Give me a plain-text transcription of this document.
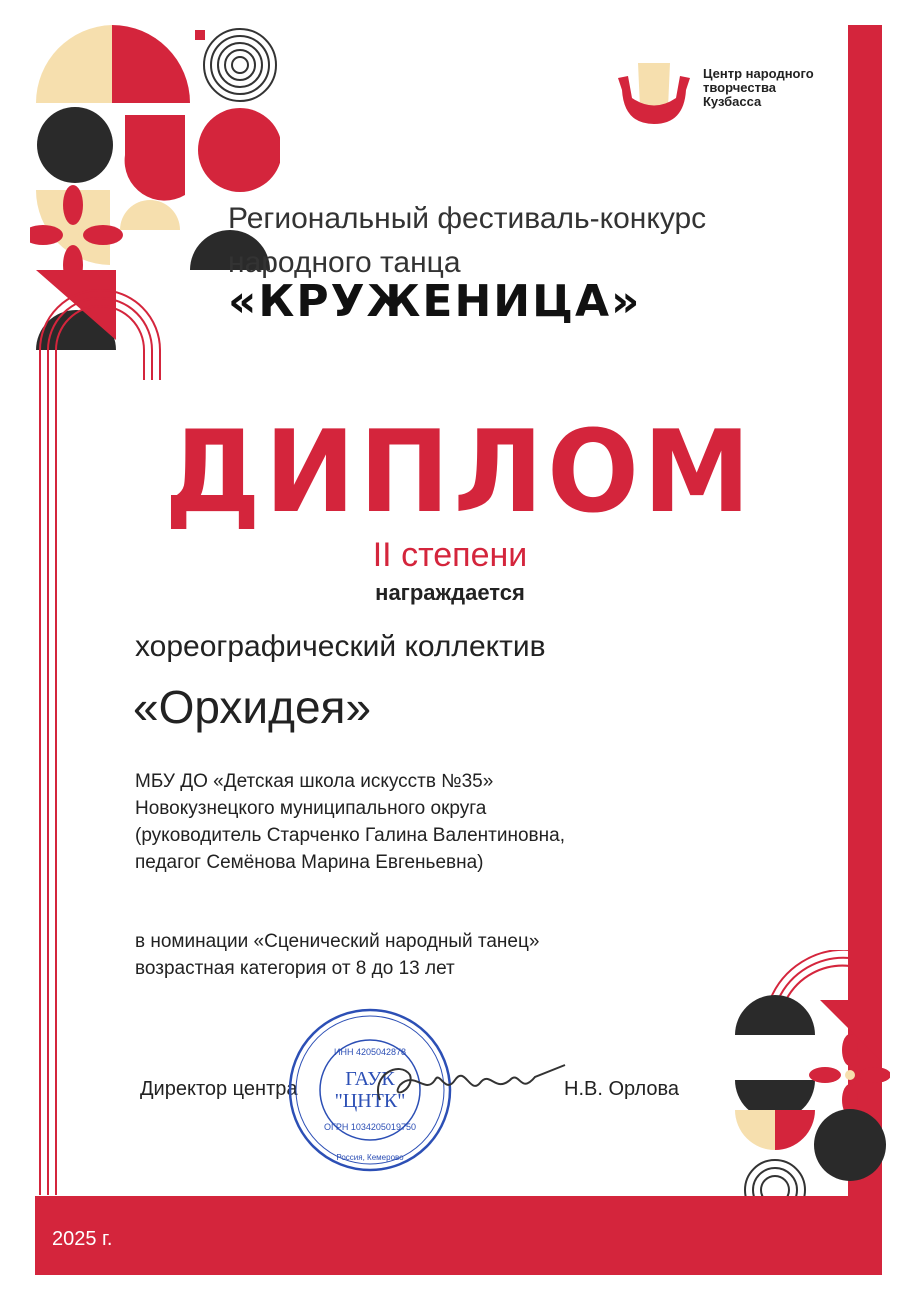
Центр народного
творчества
Кузбасса
Региональный фестиваль-конкурс
народного танца
«КРУЖЕНИЦА»
ДИПЛОМ
II степени
награждается
хореографический коллектив
«Орхидея»
МБУ ДО «Детская школа искусств №35»
Новокузнецкого муниципального округа
(руководитель Старченко Галина Валентиновна,
педагог Семёнова Марина Евгеньевна)
в номинации «Сценический народный танец»
возрастная категория от 8 до 13 лет
Директор центра	Н.В. Орлова
ГАУК
"ЦНТК"
ИНН 4205042878
ОГРН 1034205019750
Россия, Кемерово
2025 г.
